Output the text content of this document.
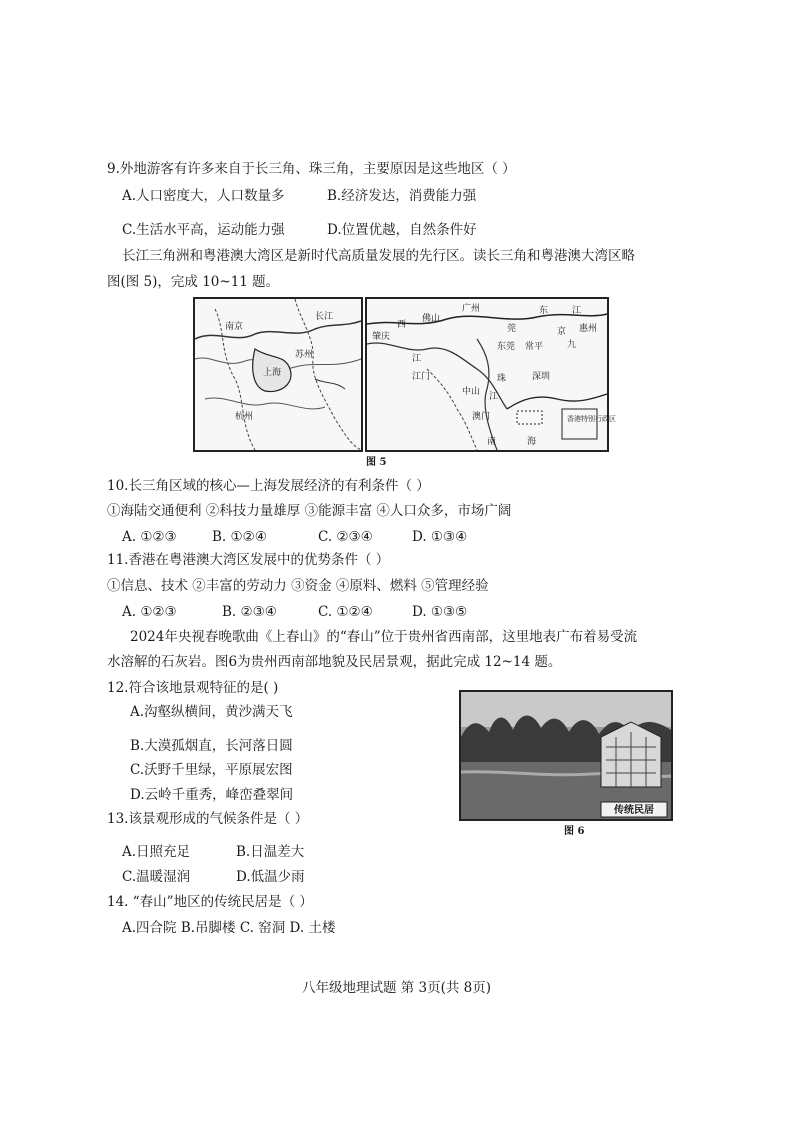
9.外地游客有许多来自于长三角、珠三角，主要原因是这些地区（ ）
A.人口密度大，人口数量多	B.经济发达，消费能力强
C.生活水平高，运动能力强	D.位置优越，自然条件好
长江三角洲和粤港澳大湾区是新时代高质量发展的先行区。读长三角和粤港澳大湾区略
图(图 5)，完成 10~11 题。
上海
南京
苏州
杭州
长江
广州	东	江
惠州
佛山
莞
东莞 常平
肇庆
西
江
深圳
江门
中山
珠
江
香港特别行政区
澳门
南	海
九
京
图 5
10.长三角区域的核心—上海发展经济的有利条件（ ）
①海陆交通便利 ②科技力量雄厚 ③能源丰富 ④人口众多，市场广阔
A. ①②③	B. ①②④	C. ②③④	D. ①③④
11.香港在粤港澳大湾区发展中的优势条件（ ）
①信息、技术 ②丰富的劳动力 ③资金 ④原料、燃料 ⑤管理经验
A. ①②③	B. ②③④	C. ①②④	D. ①③⑤
2024年央视春晚歌曲《上春山》的“春山”位于贵州省西南部，这里地表广布着易受流
水溶解的石灰岩。图6为贵州西南部地貌及民居景观，据此完成 12~14 题。
12.符合该地景观特征的是( )
A.沟壑纵横间，黄沙满天飞
B.大漠孤烟直，长河落日圆
C.沃野千里绿，平原展宏图
D.云岭千重秀，峰峦叠翠间
传统民居
图 6
13.该景观形成的气候条件是（ ）
A.日照充足	B.日温差大
C.温暖湿润	D.低温少雨
14. “春山”地区的传统民居是（ ）
A.四合院 B.吊脚楼 C. 窑洞 D. 土楼
八年级地理试题 第 3页(共 8页)
